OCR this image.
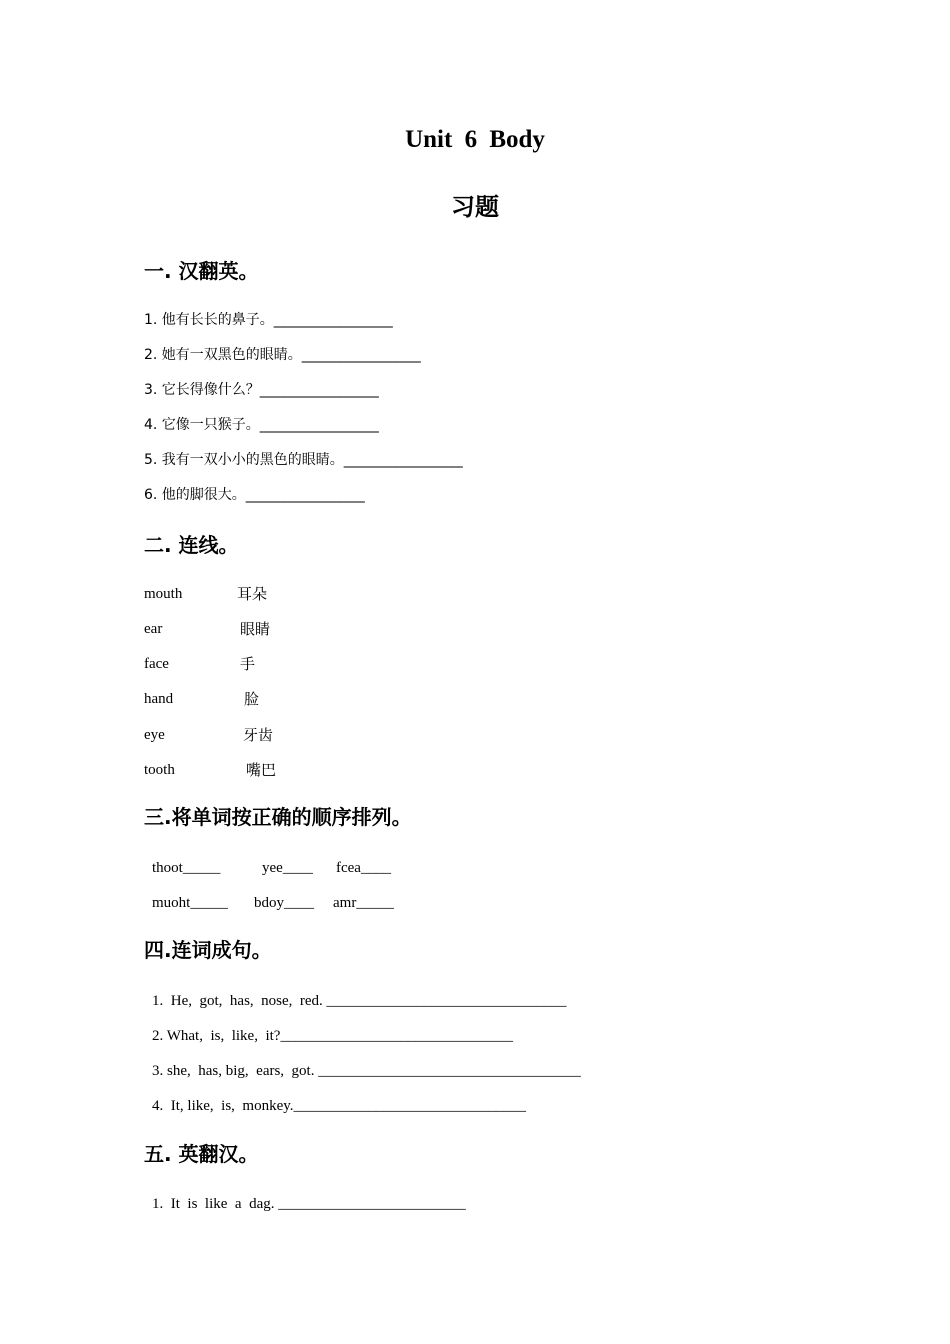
Unit 6 Body
习题
一. 汉翻英。
1. 他有长长的鼻子。_________________
2. 她有一双黑色的眼睛。_________________
3. 它长得像什么？_________________
4. 它像一只猴子。_________________
5. 我有一双小小的黑色的眼睛。_________________
6. 他的脚很大。_________________
二. 连线。
mouth	耳朵
ear	眼睛
face	手
hand	脸
eye	牙齿
tooth	嘴巴
三.将单词按正确的顺序排列。
thoot_____	yee____ fcea____
muoht_____ bdoy____ amr_____
四.连词成句。
1.  He,  got,  has,  nose,  red. ________________________________
2. What,  is,  like,  it?_______________________________
3. she,  has, big,  ears,  got. ___________________________________
4.  It, like,  is,  monkey._______________________________
五. 英翻汉。
1.  It  is  like  a  dag. _________________________
